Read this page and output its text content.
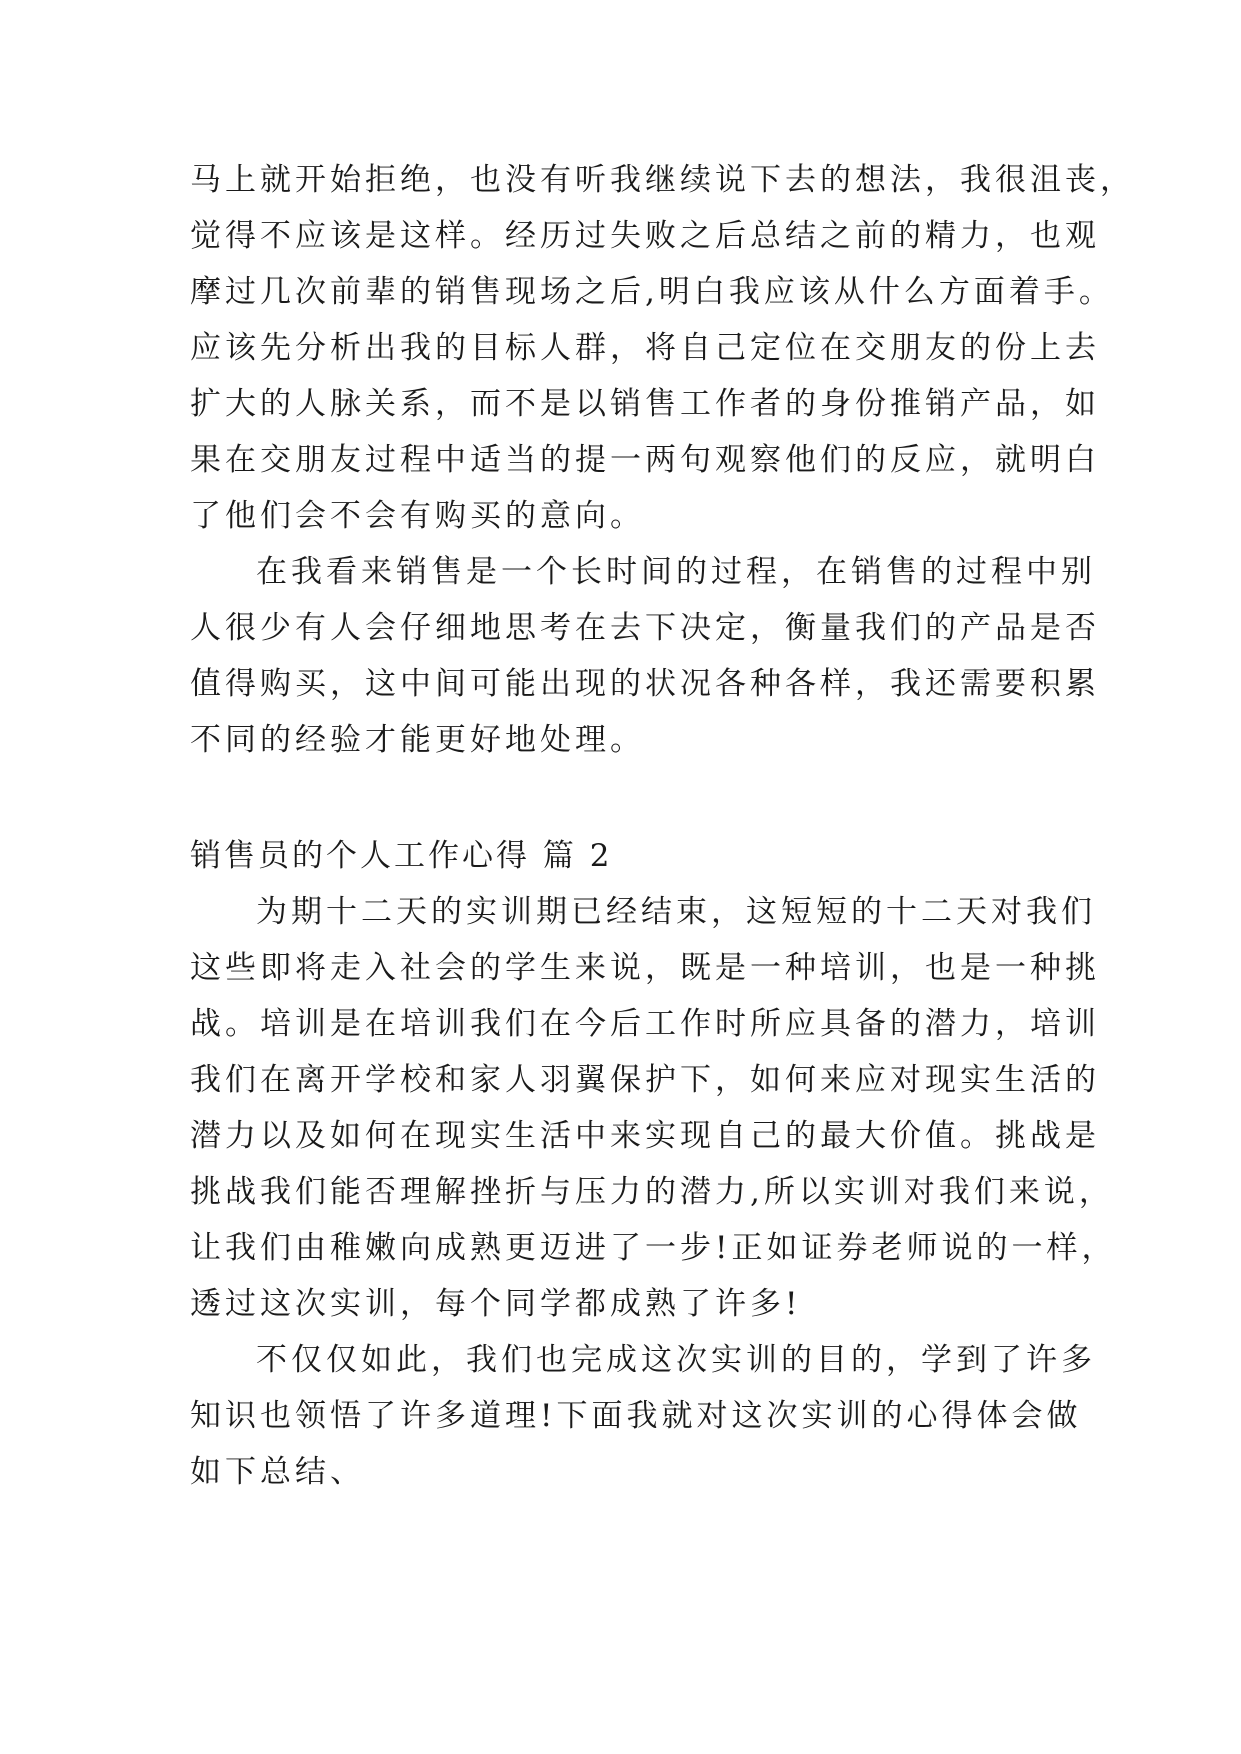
马上就开始拒绝，也没有听我继续说下去的想法，我很沮丧，
觉得不应该是这样。经历过失败之后总结之前的精力，也观
摩过几次前辈的销售现场之后,明白我应该从什么方面着手。
应该先分析出我的目标人群，将自己定位在交朋友的份上去
扩大的人脉关系，而不是以销售工作者的身份推销产品，如
果在交朋友过程中适当的提一两句观察他们的反应，就明白
了他们会不会有购买的意向。
在我看来销售是一个长时间的过程，在销售的过程中别
人很少有人会仔细地思考在去下决定，衡量我们的产品是否
值得购买，这中间可能出现的状况各种各样，我还需要积累
不同的经验才能更好地处理。
销售员的个人工作心得 篇 2
为期十二天的实训期已经结束，这短短的十二天对我们
这些即将走入社会的学生来说，既是一种培训，也是一种挑
战。培训是在培训我们在今后工作时所应具备的潜力，培训
我们在离开学校和家人羽翼保护下，如何来应对现实生活的
潜力以及如何在现实生活中来实现自己的最大价值。挑战是
挑战我们能否理解挫折与压力的潜力,所以实训对我们来说，
让我们由稚嫩向成熟更迈进了一步!正如证券老师说的一样，
透过这次实训，每个同学都成熟了许多!
不仅仅如此，我们也完成这次实训的目的，学到了许多
知识也领悟了许多道理!下面我就对这次实训的心得体会做
如下总结、
